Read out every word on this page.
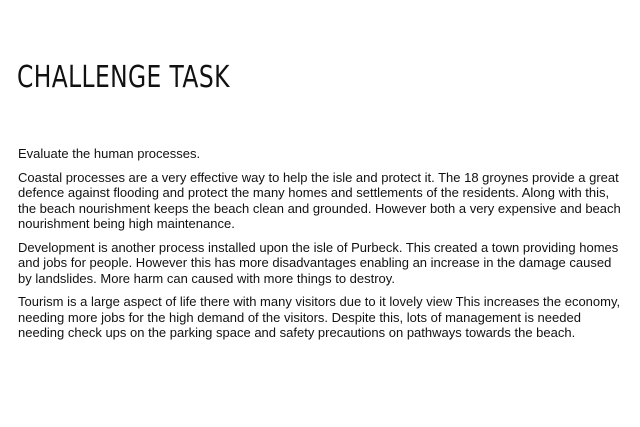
CHALLENGE TASK

Evaluate the human processes.

Coastal processes are a very effective way to help the isle and protect it. The 18 groynes provide a great defence against flooding and protect the many homes and settlements of the residents. Along with this, the beach nourishment keeps the beach clean and grounded. However both a very expensive and beach nourishment being high maintenance.

Development is another process installed upon the isle of Purbeck. This created a town providing homes and jobs for people. However this has more disadvantages enabling an increase in the damage caused by landslides. More harm can caused with more things to destroy.

Tourism is a large aspect of life there with many visitors due to it lovely view This increases the economy, needing more jobs for the high demand of the visitors. Despite this, lots of management is needed needing check ups on the parking space and safety precautions on pathways towards the beach.
